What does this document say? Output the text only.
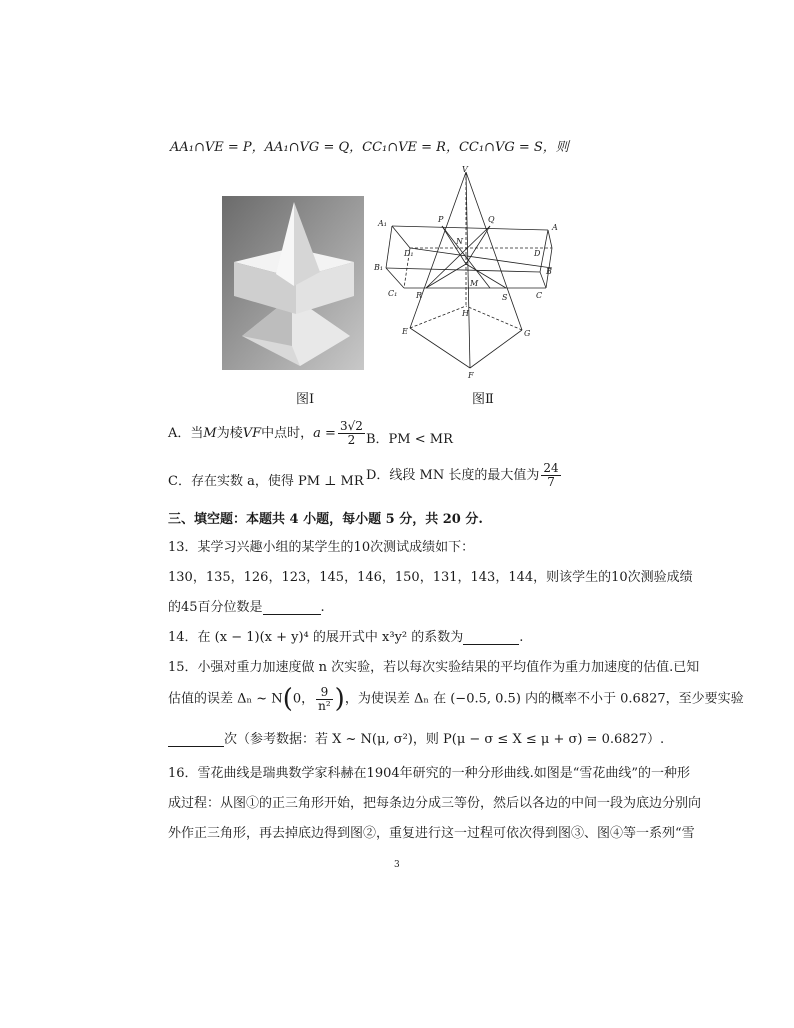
AA₁∩VE = P，AA₁∩VG = Q，CC₁∩VE = R，CC₁∩VG = S，则
V
A₁	P	Q
A
N
D₁	D
B₁	B
M
C₁ R	S	C
H
E	G
F
图Ⅰ	图Ⅱ
A．当M为棱VF中点时，$a = \frac{3√2}{2}$ B．PM < MR
C．存在实数 a，使得 PM ⊥ MR D．线段 MN 长度的最大值为 $\frac{24}{7}$
三、填空题：本题共 4 小题，每小题 5 分，共 20 分.
13．某学习兴趣小组的某学生的10次测试成绩如下：
130，135，126，123，145，146，150，131，143，144，则该学生的10次测验成绩
的45百分位数是	.
14．在 (x − 1)(x + y)⁴ 的展开式中 x³y² 的系数为	.
15．小强对重力加速度做 n 次实验，若以每次实验结果的平均值作为重力加速度的估值.已知
估值的误差 Δₙ ~ N(0， $\frac{9}{\text{n²}}$ )，为使误差 Δₙ 在 (−0.5, 0.5) 内的概率不小于 0.6827，至少要实验
次（参考数据：若 X ~ N(μ, σ²)，则 P(μ − σ ≤ X ≤ μ + σ) = 0.6827）.
16．雪花曲线是瑞典数学家科赫在1904年研究的一种分形曲线.如图是“雪花曲线”的一种形
成过程：从图①的正三角形开始，把每条边分成三等份，然后以各边的中间一段为底边分别向
外作正三角形，再去掉底边得到图②，重复进行这一过程可依次得到图③、图④等一系列“雪
3
